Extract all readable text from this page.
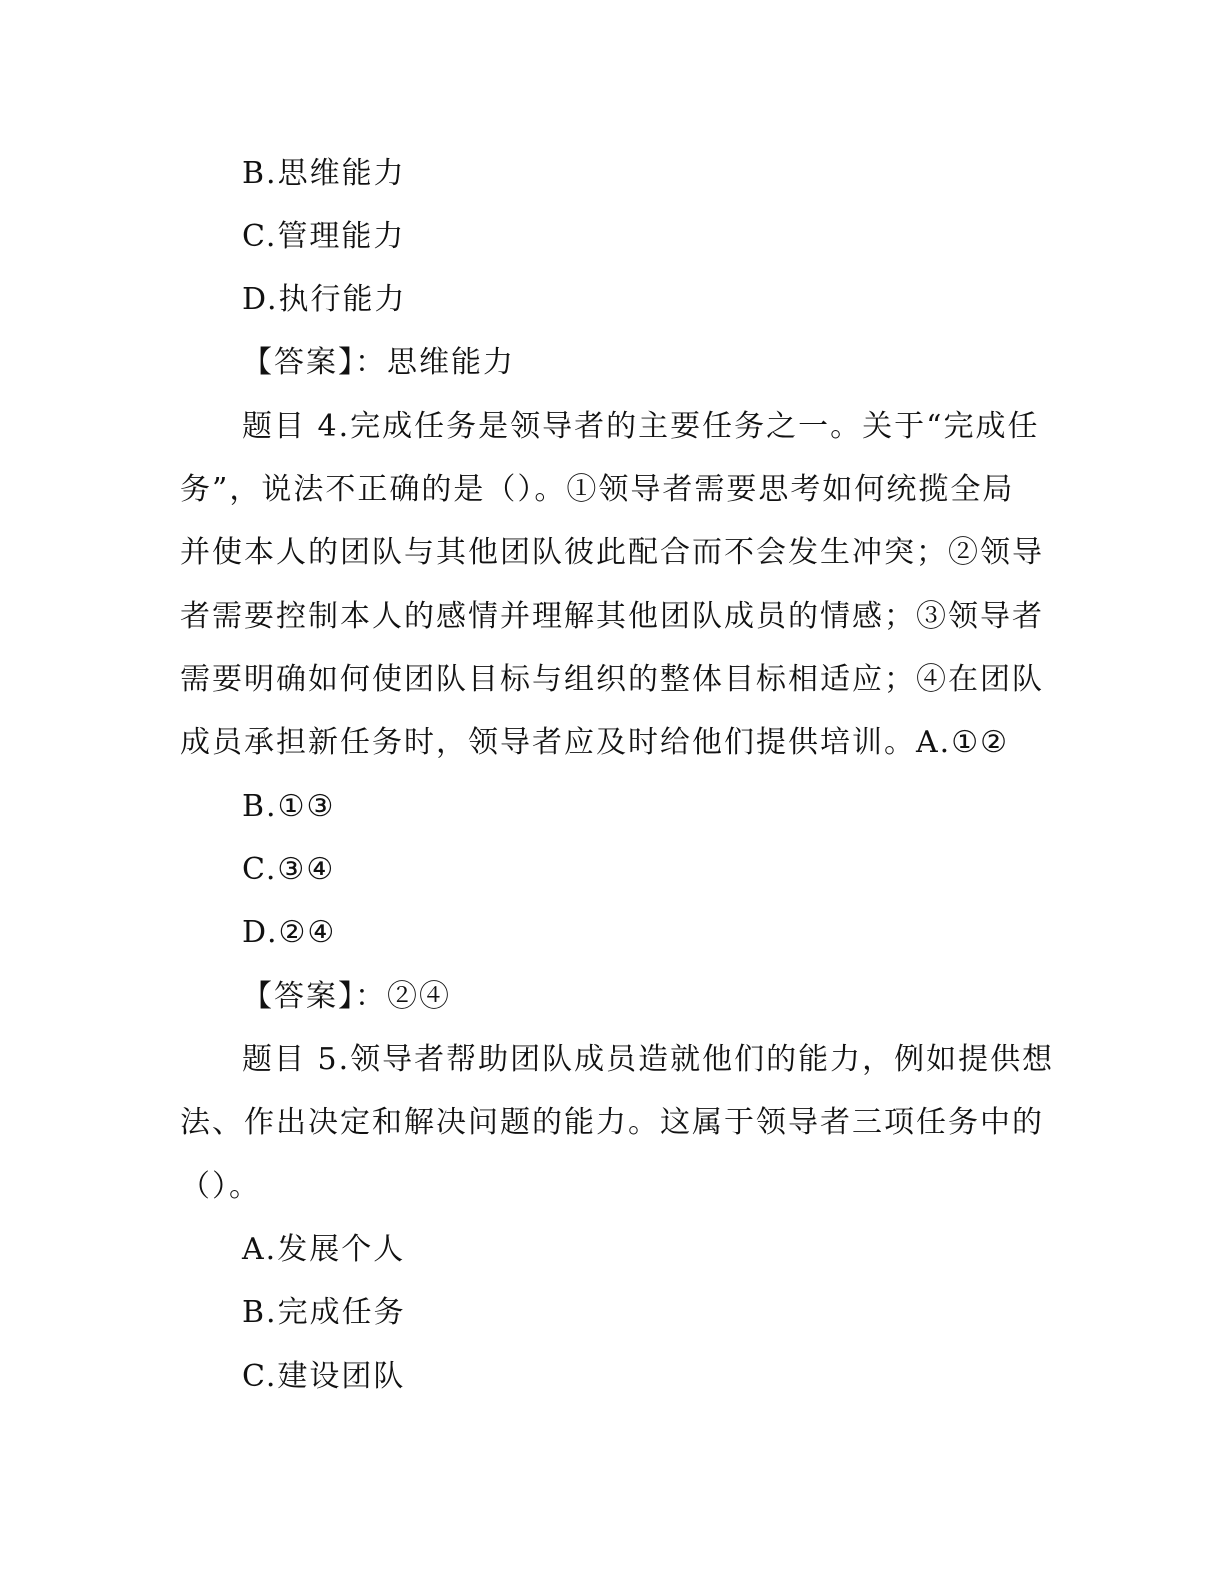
B.思维能力

C.管理能力

D.执行能力

【答案】：思维能力

题目 4.完成任务是领导者的主要任务之一。关于“完成任

务”，说法不正确的是（）。①领导者需要思考如何统揽全局

并使本人的团队与其他团队彼此配合而不会发生冲突；②领导

者需要控制本人的感情并理解其他团队成员的情感；③领导者

需要明确如何使团队目标与组织的整体目标相适应；④在团队

成员承担新任务时，领导者应及时给他们提供培训。A.①②

B.①③

C.③④

D.②④

【答案】：②④

题目 5.领导者帮助团队成员造就他们的能力，例如提供想

法、作出决定和解决问题的能力。这属于领导者三项任务中的

（）。

A.发展个人

B.完成任务

C.建设团队
